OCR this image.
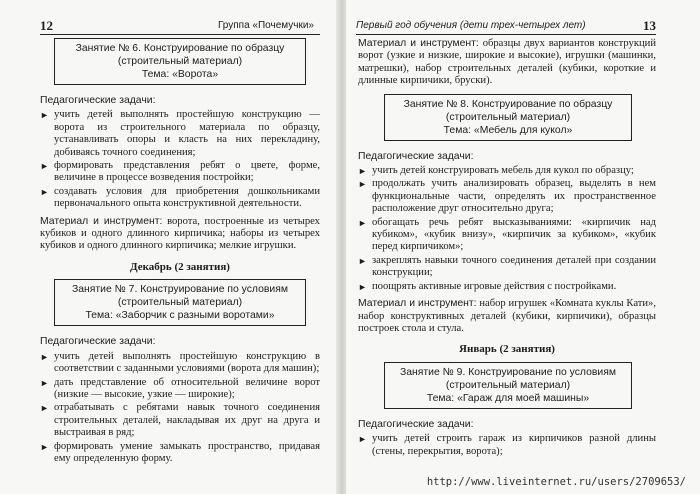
12	Группа «Почемучки»
Занятие № 6. Конструирование по образцу
(строительный материал)
Тема: «Ворота»
Педагогические задачи:
► учить детей выполнять простейшую конструкцию — ворота из строительного материала по образцу, устанавливать опоры и класть на них перекладину, добиваясь точного соединения;
► формировать представления ребят о цвете, форме, величине в процессе возведения постройки;
► создавать условия для приобретения дошкольниками первоначального опыта конструктивной деятельности.
Материал и инструмент: ворота, построенные из четырех кубиков и одного длинного кирпичика; наборы из четырех кубиков и одного длинного кирпичика; мелкие игрушки.
Декабрь (2 занятия)
Занятие № 7. Конструирование по условиям
(строительный материал)
Тема: «Заборчик с разными воротами»
Педагогические задачи:
► учить детей выполнять простейшую конструкцию в соответствии с заданными условиями (ворота для машин);
► дать представление об относительной величине ворот (низкие — высокие, узкие — широкие);
► отрабатывать с ребятами навык точного соединения строительных деталей, накладывая их друг на друга и выстраивая в ряд;
► формировать умение замыкать пространство, придавая ему определенную форму.
Первый год обучения (дети трех-четырех лет)	13
Материал и инструмент: образцы двух вариантов конструкций ворот (узкие и низкие, широкие и высокие), игрушки (машинки, матрешки), набор строительных деталей (кубики, короткие и длинные кирпичики, бруски).
Занятие № 8. Конструирование по образцу
(строительный материал)
Тема: «Мебель для кукол»
Педагогические задачи:
► учить детей конструировать мебель для кукол по образцу;
► продолжать учить анализировать образец, выделять в нем функциональные части, определять их пространственное расположение друг относительно друга;
► обогащать речь ребят высказываниями: «кирпичик над кубиком», «кубик внизу», «кирпичик за кубиком», «кубик перед кирпичиком»;
► закреплять навыки точного соединения деталей при создании конструкции;
► поощрять активные игровые действия с постройками.
Материал и инструмент: набор игрушек «Комната куклы Кати», набор конструктивных деталей (кубики, кирпичики), образцы построек стола и стула.
Январь (2 занятия)
Занятие № 9. Конструирование по условиям
(строительный материал)
Тема: «Гараж для моей машины»
Педагогические задачи:
► учить детей строить гараж из кирпичиков разной длины (стены, перекрытия, ворота);
http://www.liveinternet.ru/users/2709653/
